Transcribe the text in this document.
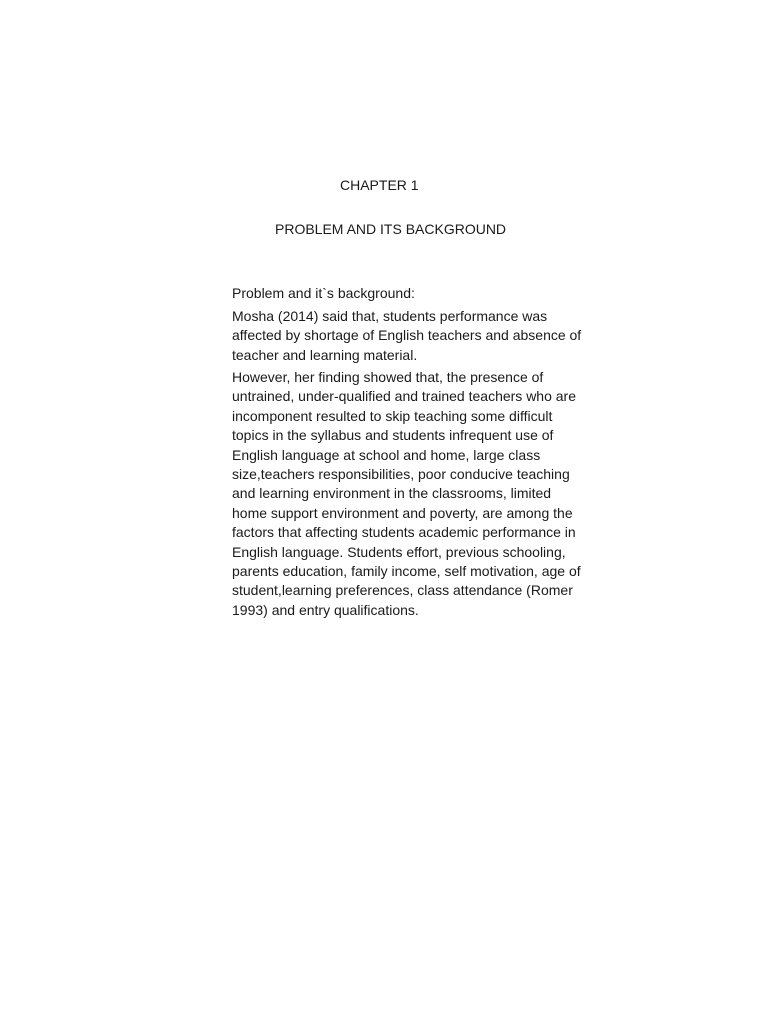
CHAPTER 1
PROBLEM AND ITS BACKGROUND
Problem and it`s background:

Mosha (2014) said that, students performance was affected by shortage of English teachers and absence of teacher and learning material.

However, her finding showed that, the presence of untrained, under-qualified and trained teachers who are incomponent resulted to skip teaching some difficult topics in the syllabus and students infrequent use of English language at school and home, large class size,teachers responsibilities, poor conducive teaching and learning environment in the classrooms, limited home support environment and poverty, are among the factors that affecting students academic performance in English language. Students effort, previous schooling, parents education, family income, self motivation, age of student,learning preferences, class attendance (Romer 1993) and entry qualifications.
